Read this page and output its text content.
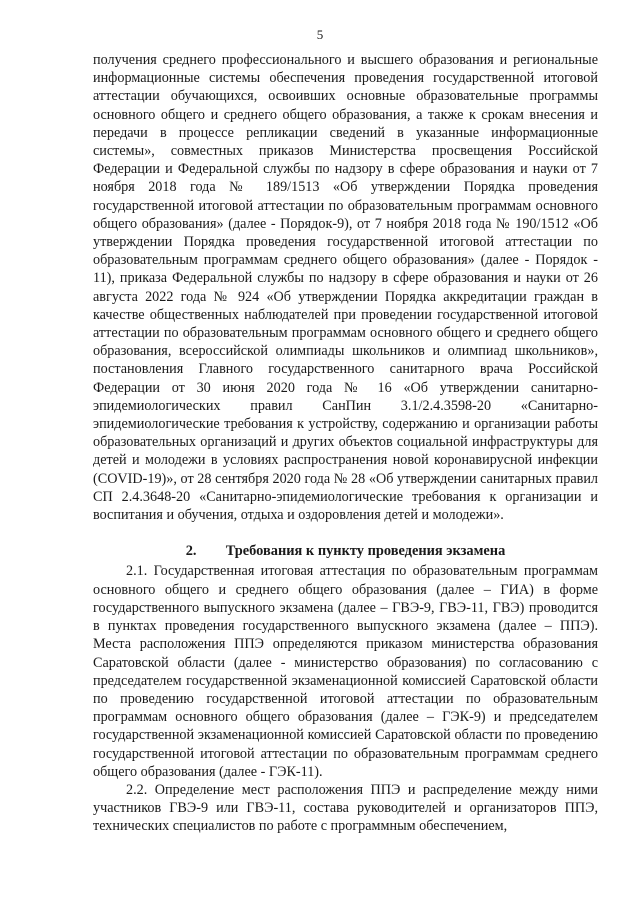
5

получения среднего профессионального и высшего образования и региональные информационные системы обеспечения проведения государственной итоговой аттестации обучающихся, освоивших основные образовательные программы основного общего и среднего общего образования, а также к срокам внесения и передачи в процессе репликации сведений в указанные информационные системы», совместных приказов Министерства просвещения Российской Федерации и Федеральной службы по надзору в сфере образования и науки от 7 ноября 2018 года № 189/1513 «Об утверждении Порядка проведения государственной итоговой аттестации по образовательным программам основного общего образования» (далее - Порядок-9), от 7 ноября 2018 года № 190/1512 «Об утверждении Порядка проведения государственной итоговой аттестации по образовательным программам среднего общего образования» (далее - Порядок - 11), приказа Федеральной службы по надзору в сфере образования и науки от 26 августа 2022 года № 924 «Об утверждении Порядка аккредитации граждан в качестве общественных наблюдателей при проведении государственной итоговой аттестации по образовательным программам основного общего и среднего общего образования, всероссийской олимпиады школьников и олимпиад школьников», постановления Главного государственного санитарного врача Российской Федерации от 30 июня 2020 года № 16 «Об утверждении санитарно-эпидемиологических правил СанПин 3.1/2.4.3598-20 «Санитарно-эпидемиологические требования к устройству, содержанию и организации работы образовательных организаций и других объектов социальной инфраструктуры для детей и молодежи в условиях распространения новой коронавирусной инфекции (COVID-19)», от 28 сентября 2020 года № 28 «Об утверждении санитарных правил СП 2.4.3648-20 «Санитарно-эпидемиологические требования к организации и воспитания и обучения, отдыха и оздоровления детей и молодежи».

2. Требования к пункту проведения экзамена

2.1. Государственная итоговая аттестация по образовательным программам основного общего и среднего общего образования (далее – ГИА) в форме государственного выпускного экзамена (далее – ГВЭ-9, ГВЭ-11, ГВЭ) проводится в пунктах проведения государственного выпускного экзамена (далее – ППЭ). Места расположения ППЭ определяются приказом министерства образования Саратовской области (далее - министерство образования) по согласованию с председателем государственной экзаменационной комиссией Саратовской области по проведению государственной итоговой аттестации по образовательным программам основного общего образования (далее – ГЭК-9) и председателем государственной экзаменационной комиссией Саратовской области по проведению государственной итоговой аттестации по образовательным программам среднего общего образования (далее - ГЭК-11).

2.2. Определение мест расположения ППЭ и распределение между ними участников ГВЭ-9 или ГВЭ-11, состава руководителей и организаторов ППЭ, технических специалистов по работе с программным обеспечением,
